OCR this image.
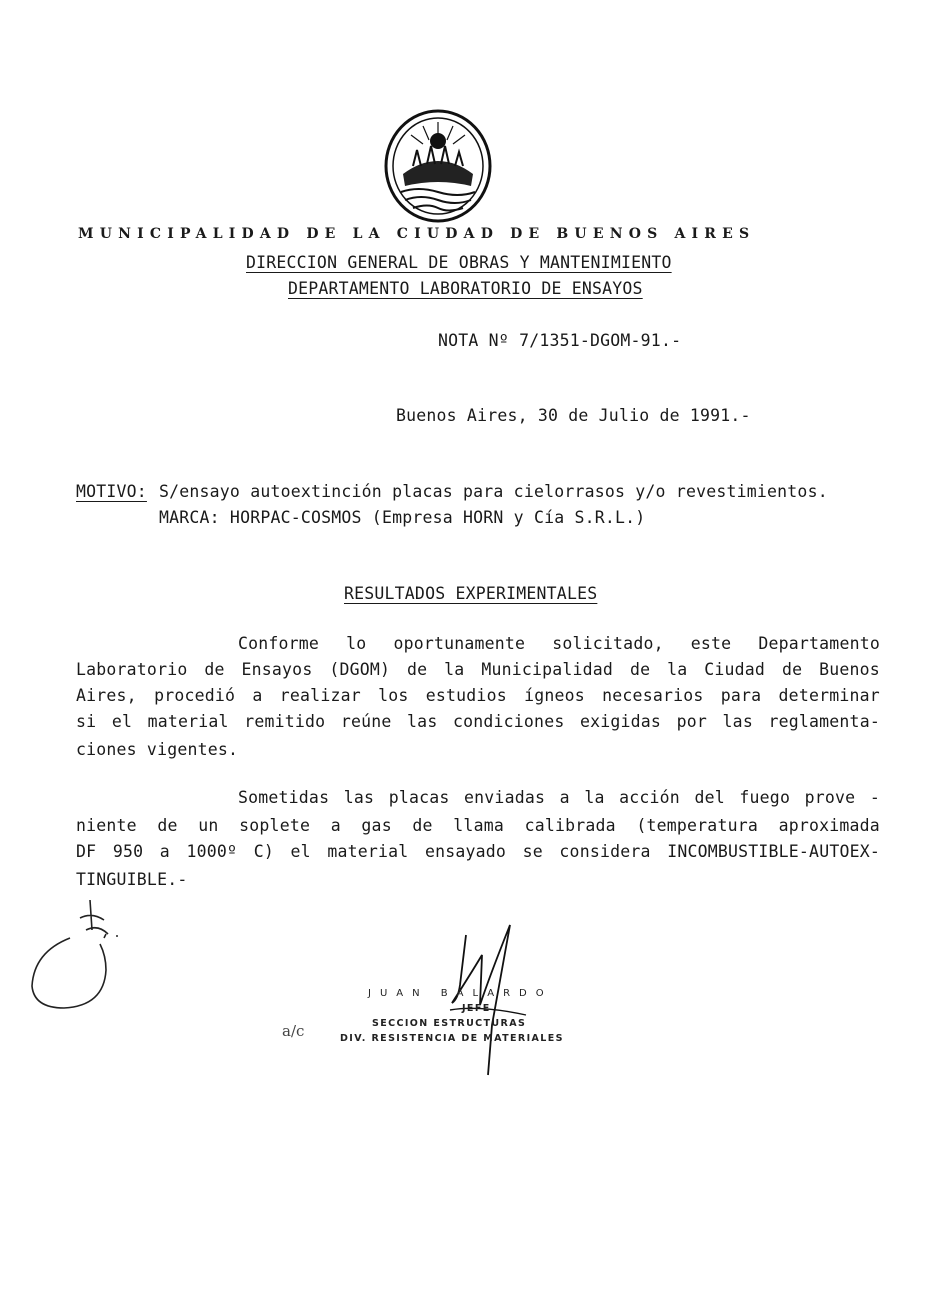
MUNICIPALIDAD DE LA CIUDAD DE BUENOS AIRES
DIRECCION GENERAL DE OBRAS Y MANTENIMIENTO
DEPARTAMENTO LABORATORIO DE ENSAYOS
NOTA Nº 7/1351-DGOM-91.-
Buenos Aires, 30 de Julio de 1991.-
MOTIVO: S/ensayo autoextinción placas para cielorrasos y/o revestimientos.
MARCA: HORPAC-COSMOS (Empresa HORN y Cía S.R.L.)
RESULTADOS EXPERIMENTALES
Conforme lo oportunamente solicitado, este Departamento
Laboratorio de Ensayos (DGOM) de la Municipalidad de la Ciudad de Buenos
Aires, procedió a realizar los estudios ígneos necesarios para determinar
si el material remitido reúne las condiciones exigidas por las reglamenta-
ciones vigentes.
Sometidas las placas enviadas a la acción del fuego prove -
niente de un soplete a gas de llama calibrada (temperatura aproximada
DF 950 a 1000º C) el material ensayado se considera INCOMBUSTIBLE-AUTOEX-
TINGUIBLE.-
JUAN BALARDO
JEFE
SECCION ESTRUCTURAS
DIV. RESISTENCIA DE MATERIALES
a/c
